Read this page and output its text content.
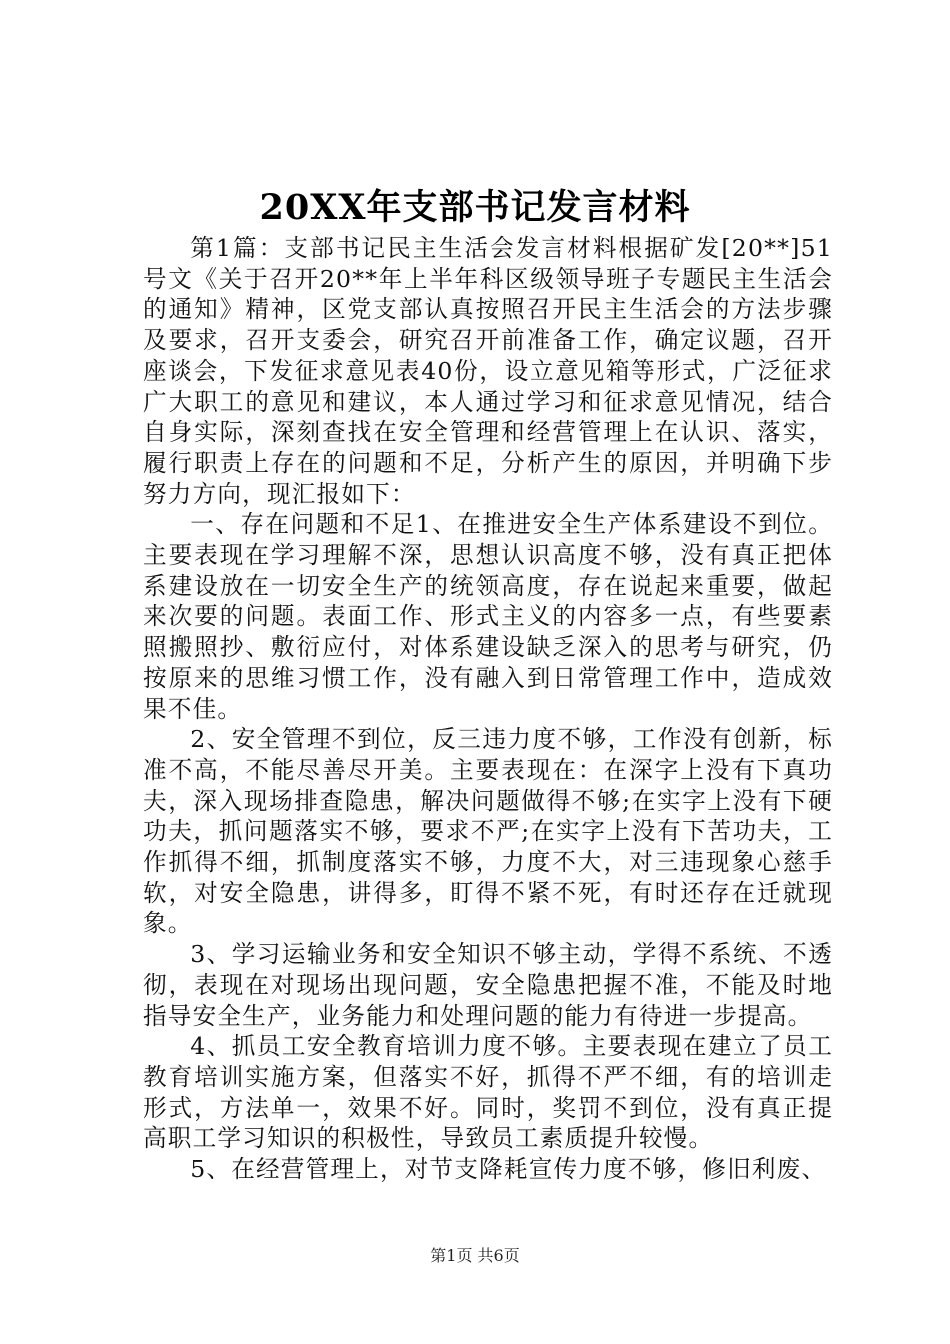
20XX年支部书记发言材料

第1篇：支部书记民主生活会发言材料根据矿发[20**]51号文《关于召开20**年上半年科区级领导班子专题民主生活会的通知》精神，区党支部认真按照召开民主生活会的方法步骤及要求，召开支委会，研究召开前准备工作，确定议题，召开座谈会，下发征求意见表40份，设立意见箱等形式，广泛征求广大职工的意见和建议，本人通过学习和征求意见情况，结合自身实际，深刻查找在安全管理和经营管理上在认识、落实，履行职责上存在的问题和不足，分析产生的原因，并明确下步努力方向，现汇报如下：

一、存在问题和不足1、在推进安全生产体系建设不到位。主要表现在学习理解不深，思想认识高度不够，没有真正把体系建设放在一切安全生产的统领高度，存在说起来重要，做起来次要的问题。表面工作、形式主义的内容多一点，有些要素照搬照抄、敷衍应付，对体系建设缺乏深入的思考与研究，仍按原来的思维习惯工作，没有融入到日常管理工作中，造成效果不佳。

2、安全管理不到位，反三违力度不够，工作没有创新，标准不高，不能尽善尽开美。主要表现在：在深字上没有下真功夫，深入现场排查隐患，解决问题做得不够;在实字上没有下硬功夫，抓问题落实不够，要求不严;在实字上没有下苦功夫，工作抓得不细，抓制度落实不够，力度不大，对三违现象心慈手软，对安全隐患，讲得多，盯得不紧不死，有时还存在迁就现象。

3、学习运输业务和安全知识不够主动，学得不系统、不透彻，表现在对现场出现问题，安全隐患把握不准，不能及时地指导安全生产，业务能力和处理问题的能力有待进一步提高。

4、抓员工安全教育培训力度不够。主要表现在建立了员工教育培训实施方案，但落实不好，抓得不严不细，有的培训走形式，方法单一，效果不好。同时，奖罚不到位，没有真正提高职工学习知识的积极性，导致员工素质提升较慢。

5、在经营管理上，对节支降耗宣传力度不够，修旧利废、

第1页 共6页
